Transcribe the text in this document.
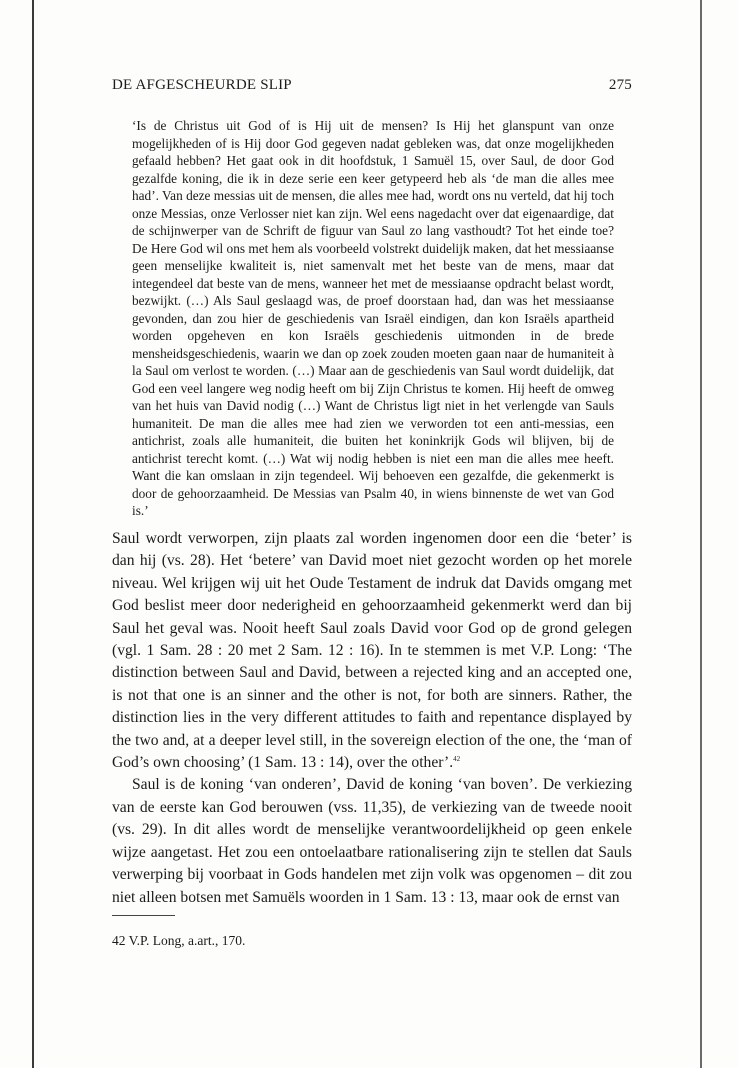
DE AFGESCHEURDE SLIP	275

‘Is de Christus uit God of is Hij uit de mensen? Is Hij het glanspunt van onze mogelijkheden of is Hij door God gegeven nadat gebleken was, dat onze mogelijkheden gefaald hebben? Het gaat ook in dit hoofdstuk, 1 Samuël 15, over Saul, de door God gezalfde koning, die ik in deze serie een keer getypeerd heb als ‘de man die alles mee had’. Van deze messias uit de mensen, die alles mee had, wordt ons nu verteld, dat hij toch onze Messias, onze Verlosser niet kan zijn. Wel eens nagedacht over dat eigenaardige, dat de schijnwerper van de Schrift de figuur van Saul zo lang vasthoudt? Tot het einde toe? De Here God wil ons met hem als voorbeeld volstrekt duidelijk maken, dat het messiaanse geen menselijke kwaliteit is, niet samenvalt met het beste van de mens, maar dat integendeel dat beste van de mens, wanneer het met de messiaanse opdracht belast wordt, bezwijkt. (…) Als Saul geslaagd was, de proef doorstaan had, dan was het messiaanse gevonden, dan zou hier de geschiedenis van Israël eindigen, dan kon Israëls apartheid worden opgeheven en kon Israëls geschiedenis uitmonden in de brede mensheidsgeschiedenis, waarin we dan op zoek zouden moeten gaan naar de humaniteit à la Saul om verlost te worden. (…) Maar aan de geschiedenis van Saul wordt duidelijk, dat God een veel langere weg nodig heeft om bij Zijn Christus te komen. Hij heeft de omweg van het huis van David nodig (…) Want de Christus ligt niet in het verlengde van Sauls humaniteit. De man die alles mee had zien we verworden tot een anti-messias, een antichrist, zoals alle humaniteit, die buiten het koninkrijk Gods wil blijven, bij de antichrist terecht komt. (…) Wat wij nodig hebben is niet een man die alles mee heeft. Want die kan omslaan in zijn tegendeel. Wij behoeven een gezalfde, die gekenmerkt is door de gehoorzaamheid. De Messias van Psalm 40, in wiens binnenste de wet van God is.’

Saul wordt verworpen, zijn plaats zal worden ingenomen door een die ‘beter’ is dan hij (vs. 28). Het ‘betere’ van David moet niet gezocht worden op het morele niveau. Wel krijgen wij uit het Oude Testament de indruk dat Davids omgang met God beslist meer door nederigheid en gehoorzaamheid gekenmerkt werd dan bij Saul het geval was. Nooit heeft Saul zoals David voor God op de grond gelegen (vgl. 1 Sam. 28 : 20 met 2 Sam. 12 : 16). In te stemmen is met V.P. Long: ‘The distinction between Saul and David, between a rejected king and an accepted one, is not that one is an sinner and the other is not, for both are sinners. Rather, the distinction lies in the very different attitudes to faith and repentance displayed by the two and, at a deeper level still, in the sovereign election of the one, the ‘man of God’s own choosing’ (1 Sam. 13 : 14), over the other’.$^{42}$

Saul is de koning ‘van onderen’, David de koning ‘van boven’. De verkiezing van de eerste kan God berouwen (vss. 11,35), de verkiezing van de tweede nooit (vs. 29). In dit alles wordt de menselijke verantwoordelijkheid op geen enkele wijze aangetast. Het zou een ontoelaatbare rationalisering zijn te stellen dat Sauls verwerping bij voorbaat in Gods handelen met zijn volk was opgenomen – dit zou niet alleen botsen met Samuëls woorden in 1 Sam. 13 : 13, maar ook de ernst van

42 V.P. Long, a.art., 170.
